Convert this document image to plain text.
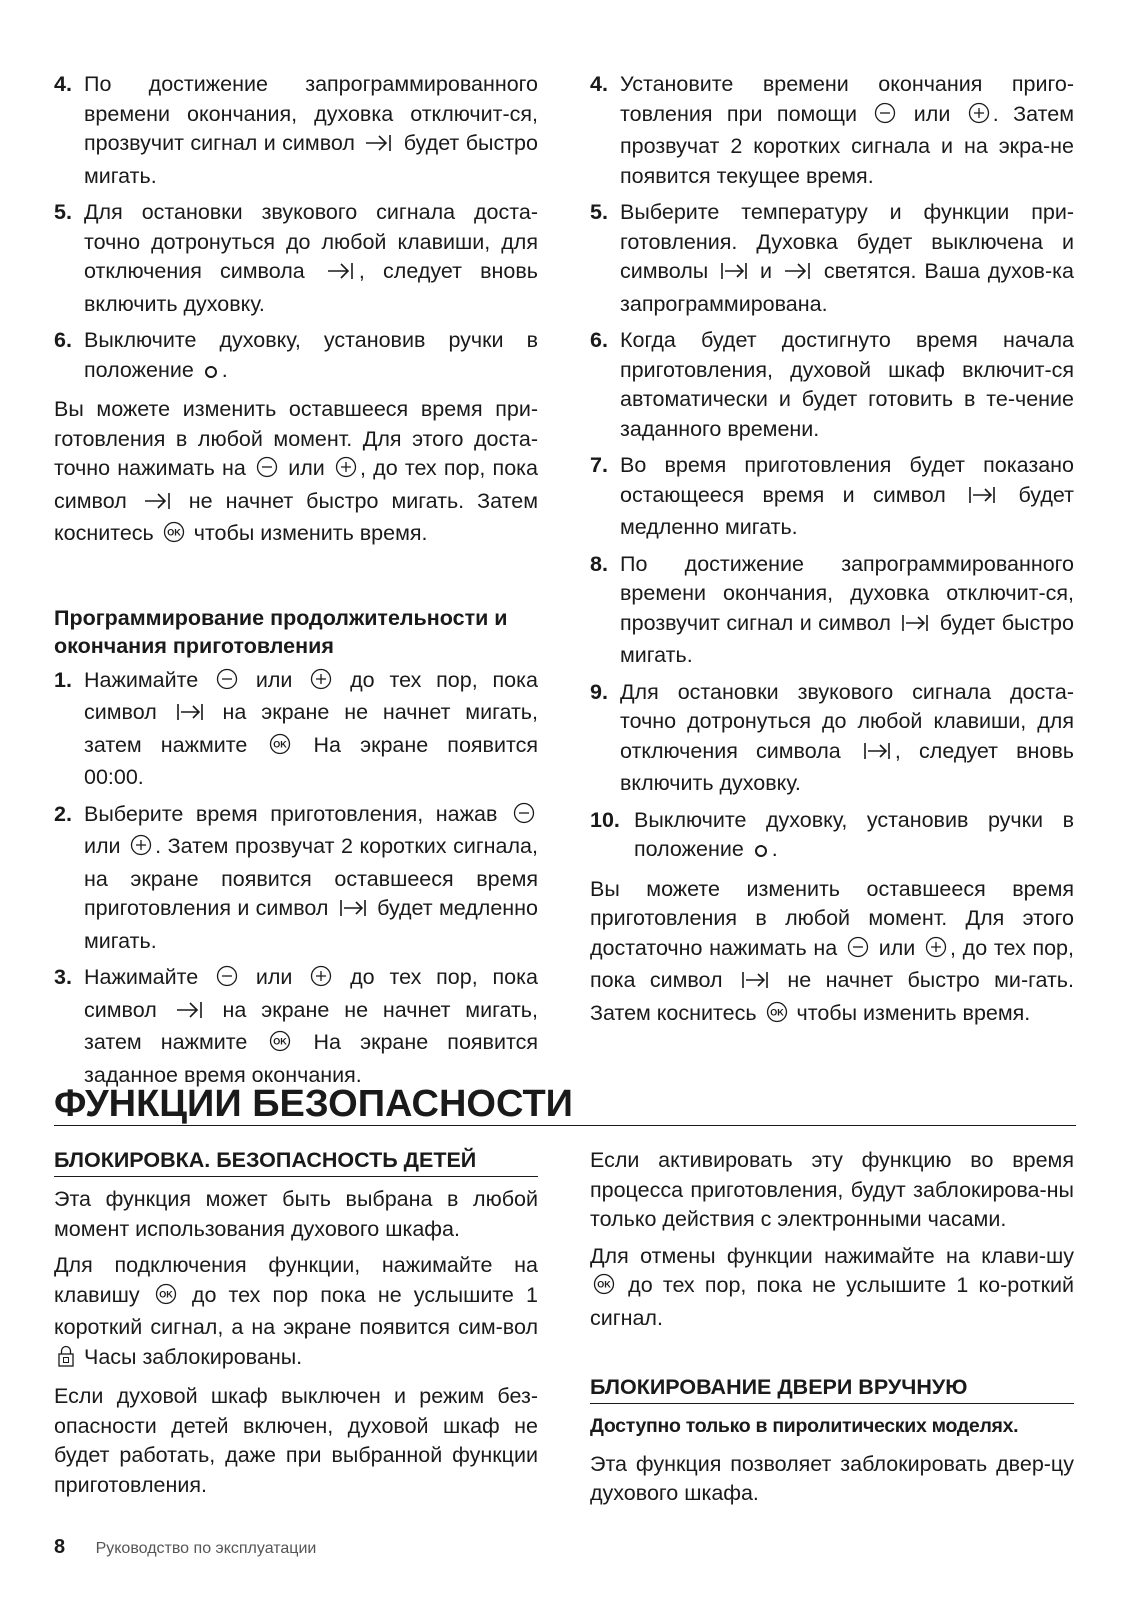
4. По достижение запрограммированного времени окончания, духовка отключит-ся, прозвучит сигнал и символ будет быстро мигать.
5. Для остановки звукового сигнала доста-точно дотронуться до любой клавиши, для отключения символа	, следует вновь включить духовку.
6. Выключите духовку, установив ручки в положение .

Вы можете изменить оставшееся время при-готовления в любой момент. Для этого доста-точно нажимать на или , до тех пор, пока символ	не начнет быстро мигать. Затем коснитесь OK чтобы изменить время.

Программирование продолжительности и окончания приготовления
1. Нажимайте	или	до тех пор, пока символ	на экране не начнет мигать, затем нажмите	OK На экране появится 00:00.
2. Выберите время приготовления, нажав  или . Затем прозвучат 2 коротких сигнала, на экране появится оставшееся время приготовления и символ будет медленно мигать.
3. Нажимайте	или	до тех пор, пока символ	на экране не начнет мигать, затем нажмите	OK На экране появится заданное время окончания.
4. Установите времени окончания приго-товления при помощи	или . Затем прозвучат 2 коротких сигнала и на экра-не появится текущее время.
5. Выберите температуру и функции при-готовления. Духовка будет выключена и символы и светятся. Ваша духов-ка запрограммирована.
6. Когда будет достигнуто время начала приготовления, духовой шкаф включит-ся автоматически и будет готовить в те-чение заданного времени.
7. Во время приготовления будет показано остающееся время и символ	будет медленно мигать.
8. По достижение запрограммированного времени окончания, духовка отключит-ся, прозвучит сигнал и символ будет быстро мигать.
9. Для остановки звукового сигнала доста-точно дотронуться до любой клавиши, для отключения символа	, следует вновь включить духовку.
10. Выключите духовку, установив ручки в положение .

Вы можете изменить оставшееся время приготовления в любой момент. Для этого достаточно нажимать на или , до тех пор, пока символ	не начнет быстро ми-гать. Затем коснитесь OK чтобы изменить время.

ФУНКЦИИ БЕЗОПАСНОСТИ
БЛОКИРОВКА. БЕЗОПАСНОСТЬ ДЕТЕЙ

Эта функция может быть выбрана в любой момент использования духового шкафа.

Для подключения функции, нажимайте на клавишу OK до тех пор пока не услышите 1 короткий сигнал, а на экране появится сим-вол  Часы заблокированы.

Если духовой шкаф выключен и режим без-опасности детей включен, духовой шкаф не будет работать, даже при выбранной функции приготовления.

Если активировать эту функцию во время процесса приготовления, будут заблокирова-ны только действия с электронными часами.

Для отмены функции нажимайте на клави-шу
OK до тех пор, пока не услышите 1 ко-роткий сигнал.

БЛОКИРОВАНИЕ ДВЕРИ ВРУЧНУЮ

Доступно только в пиролитических моделях.

Эта функция позволяет заблокировать двер-цу духового шкафа.

8 Руководство по эксплуатации
